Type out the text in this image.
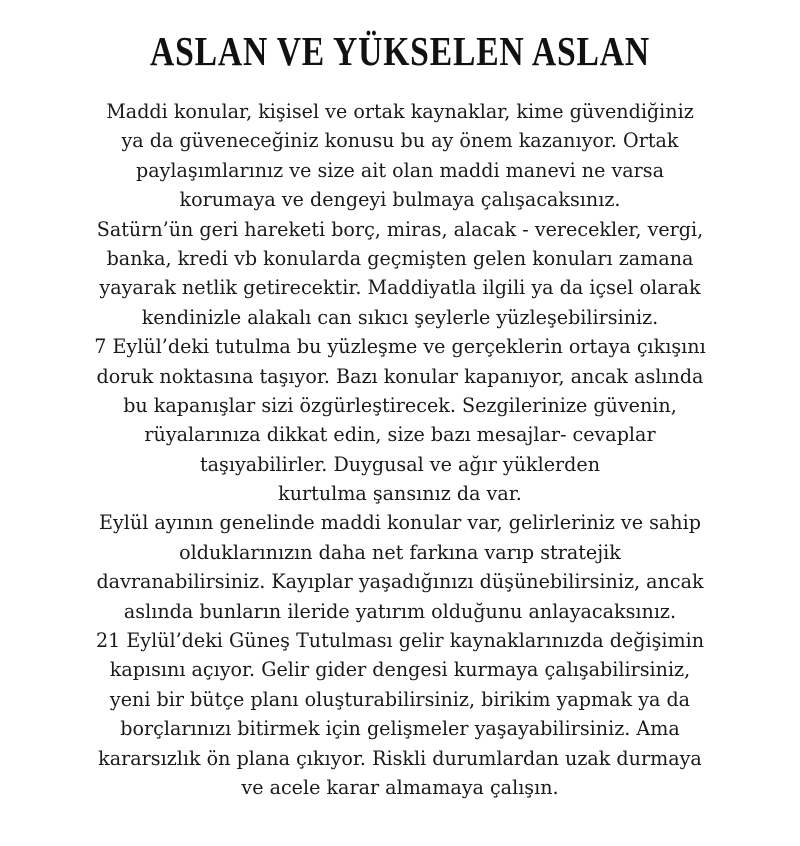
ASLAN VE YÜKSELEN ASLAN
Maddi konular, kişisel ve ortak kaynaklar, kime güvendiğiniz
ya da güveneceğiniz konusu bu ay önem kazanıyor. Ortak
paylaşımlarınız ve size ait olan maddi manevi ne varsa
korumaya ve dengeyi bulmaya çalışacaksınız.
Satürn’ün geri hareketi borç, miras, alacak - verecekler, vergi,
banka, kredi vb konularda geçmişten gelen konuları zamana
yayarak netlik getirecektir. Maddiyatla ilgili ya da içsel olarak
kendinizle alakalı can sıkıcı şeylerle yüzleşebilirsiniz.
7 Eylül’deki tutulma bu yüzleşme ve gerçeklerin ortaya çıkışını
doruk noktasına taşıyor. Bazı konular kapanıyor, ancak aslında
bu kapanışlar sizi özgürleştirecek. Sezgilerinize güvenin,
rüyalarınıza dikkat edin, size bazı mesajlar- cevaplar
taşıyabilirler. Duygusal ve ağır yüklerden
kurtulma şansınız da var.
Eylül ayının genelinde maddi konular var, gelirleriniz ve sahip
olduklarınızın daha net farkına varıp stratejik
davranabilirsiniz. Kayıplar yaşadığınızı düşünebilirsiniz, ancak
aslında bunların ileride yatırım olduğunu anlayacaksınız.
21 Eylül’deki Güneş Tutulması gelir kaynaklarınızda değişimin
kapısını açıyor. Gelir gider dengesi kurmaya çalışabilirsiniz,
yeni bir bütçe planı oluşturabilirsiniz, birikim yapmak ya da
borçlarınızı bitirmek için gelişmeler yaşayabilirsiniz. Ama
kararsızlık ön plana çıkıyor. Riskli durumlardan uzak durmaya
ve acele karar almamaya çalışın.
